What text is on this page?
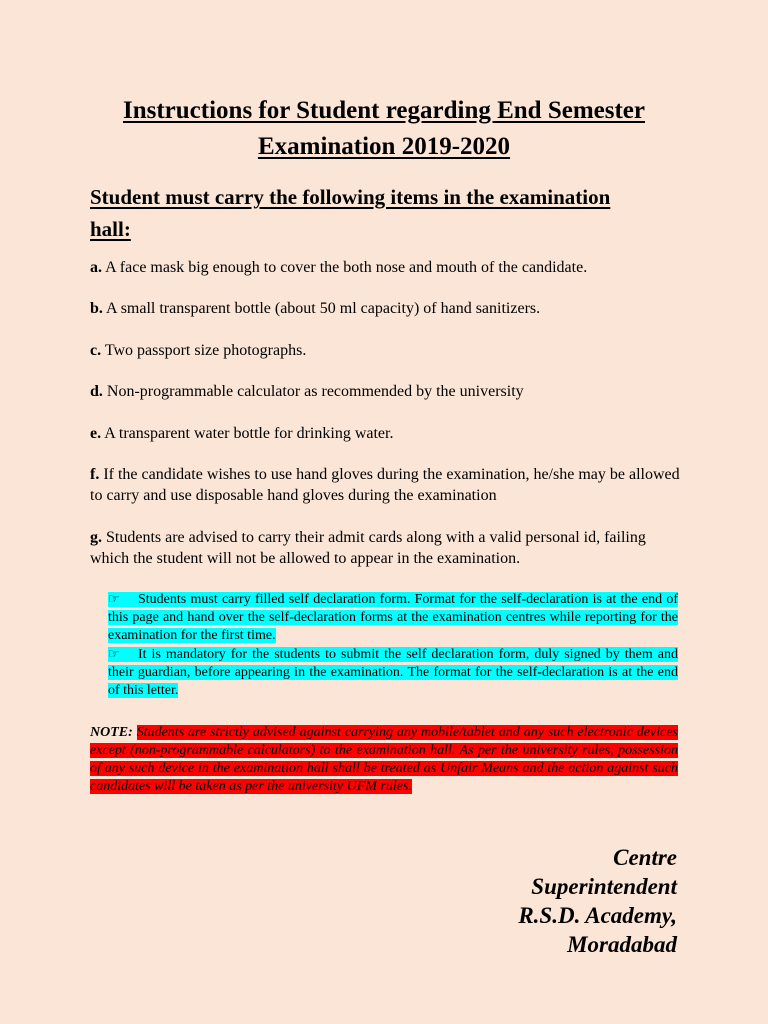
Instructions for Student regarding End Semester
Examination 2019-2020
Student must carry the following items in the examination
hall:
a. A face mask big enough to cover the both nose and mouth of the candidate.
b. A small transparent bottle (about 50 ml capacity) of hand sanitizers.
c. Two passport size photographs.
d. Non-programmable calculator as recommended by the university
e. A transparent water bottle for drinking water.
f. If the candidate wishes to use hand gloves during the examination, he/she may be allowed to carry and use disposable hand gloves during the examination
g. Students are advised to carry their admit cards along with a valid personal id, failing which the student will not be allowed to appear in the examination.

☞ Students must carry filled self declaration form. Format for the self-declaration is at the end of this page and hand over the self-declaration forms at the examination centres while reporting for the examination for the first time.

☞ It is mandatory for the students to submit the self declaration form, duly signed by them and their guardian, before appearing in the examination. The format for the self-declaration is at the end of this letter.

NOTE: Students are strictly advised against carrying any mobile/tablet and any such electronic devices except (non-programmable calculators) to the examination hall. As per the university rules, possession of any such device in the examination hall shall be treated as Unfair Means and the action against such candidates will be taken as per the university UFM rules.
Centre
Superintendent
R.S.D. Academy,
Moradabad
